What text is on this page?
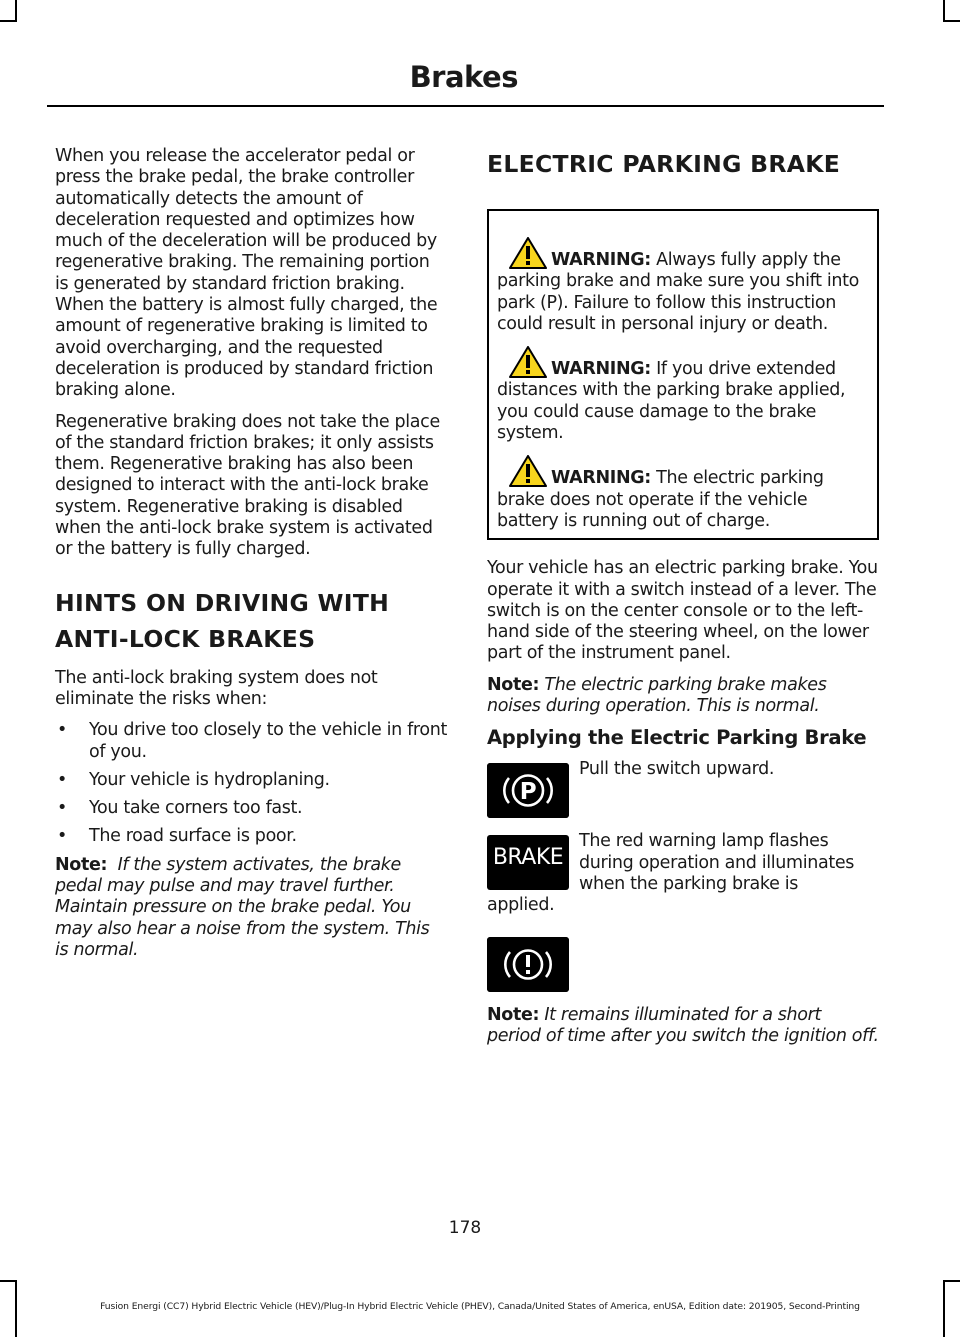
Brakes

When you release the accelerator pedal or press the brake pedal, the brake controller automatically detects the amount of deceleration requested and optimizes how much of the deceleration will be produced by regenerative braking. The remaining portion is generated by standard friction braking. When the battery is almost fully charged, the amount of regenerative braking is limited to avoid overcharging, and the requested deceleration is produced by standard friction braking alone.

Regenerative braking does not take the place of the standard friction brakes; it only assists them. Regenerative braking has also been designed to interact with the anti-lock brake system. Regenerative braking is disabled when the anti-lock brake system is activated or the battery is fully charged.

HINTS ON DRIVING WITH
ANTI-LOCK BRAKES

The anti-lock braking system does not eliminate the risks when:

• You drive too closely to the vehicle in front of you.
• Your vehicle is hydroplaning.
• You take corners too fast.
• The road surface is poor.

Note: If the system activates, the brake pedal may pulse and may travel further. Maintain pressure on the brake pedal. You may also hear a noise from the system. This is normal.

ELECTRIC PARKING BRAKE
WARNING: Always fully apply the parking brake and make sure you shift into park (P). Failure to follow this instruction could result in personal injury or death.
WARNING: If you drive extended distances with the parking brake applied, you could cause damage to the brake system.
WARNING: The electric parking brake does not operate if the vehicle battery is running out of charge.

Your vehicle has an electric parking brake. You operate it with a switch instead of a lever. The switch is on the center console or to the left-hand side of the steering wheel, on the lower part of the instrument panel.

Note: The electric parking brake makes noises during operation. This is normal.

Applying the Electric Parking Brake
P
Pull the switch upward.
BRAKE
The red warning lamp flashes during operation and illuminates when the parking brake is

applied.

Note: It remains illuminated for a short period of time after you switch the ignition off.

178
Fusion Energi (CC7) Hybrid Electric Vehicle (HEV)/Plug-In Hybrid Electric Vehicle (PHEV), Canada/United States of America, enUSA, Edition date: 201905, Second-Printing
